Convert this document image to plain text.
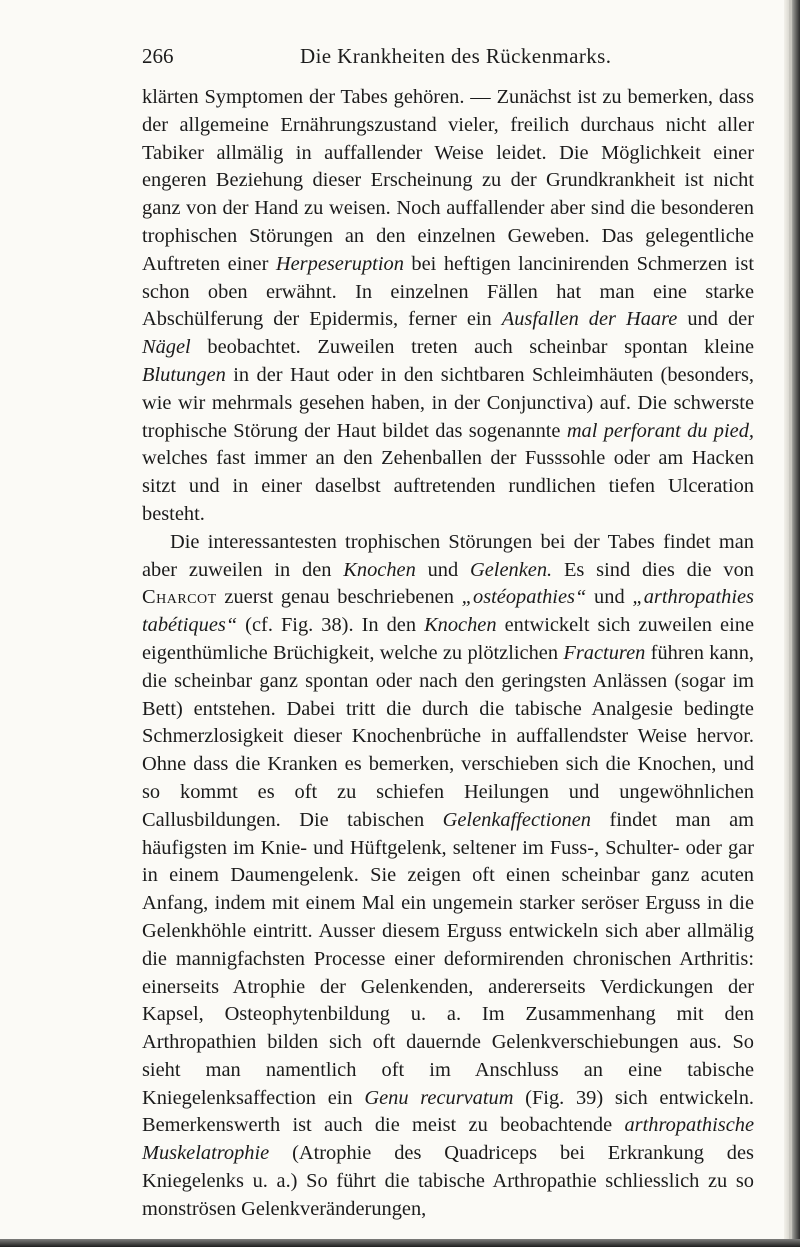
266	Die Krankheiten des Rückenmarks.

klärten Symptomen der Tabes gehören. — Zunächst ist zu bemerken, dass der allgemeine Ernährungszustand vieler, freilich durchaus nicht aller Tabiker allmälig in auffallender Weise leidet. Die Möglichkeit einer engeren Beziehung dieser Erscheinung zu der Grundkrankheit ist nicht ganz von der Hand zu weisen. Noch auffallender aber sind die besonderen trophischen Störungen an den einzelnen Geweben. Das gelegentliche Auftreten einer Herpeseruption bei heftigen lancinirenden Schmerzen ist schon oben erwähnt. In einzelnen Fällen hat man eine starke Abschülferung der Epidermis, ferner ein Ausfallen der Haare und der Nägel beobachtet. Zuweilen treten auch scheinbar spontan kleine Blutungen in der Haut oder in den sichtbaren Schleimhäuten (besonders, wie wir mehrmals gesehen haben, in der Conjunctiva) auf. Die schwerste trophische Störung der Haut bildet das sogenannte mal perforant du pied, welches fast immer an den Zehenballen der Fusssohle oder am Hacken sitzt und in einer daselbst auftretenden rundlichen tiefen Ulceration besteht.

Die interessantesten trophischen Störungen bei der Tabes findet man aber zuweilen in den Knochen und Gelenken. Es sind dies die von Charcot zuerst genau beschriebenen „ostéopathies“ und „arthropathies tabétiques“ (cf. Fig. 38). In den Knochen entwickelt sich zuweilen eine eigenthümliche Brüchigkeit, welche zu plötzlichen Fracturen führen kann, die scheinbar ganz spontan oder nach den geringsten Anlässen (sogar im Bett) entstehen. Dabei tritt die durch die tabische Analgesie bedingte Schmerzlosigkeit dieser Knochenbrüche in auffallendster Weise hervor. Ohne dass die Kranken es bemerken, verschieben sich die Knochen, und so kommt es oft zu schiefen Heilungen und ungewöhnlichen Callusbildungen. Die tabischen Gelenkaffectionen findet man am häufigsten im Knie- und Hüftgelenk, seltener im Fuss-, Schulter- oder gar in einem Daumengelenk. Sie zeigen oft einen scheinbar ganz acuten Anfang, indem mit einem Mal ein ungemein starker seröser Erguss in die Gelenkhöhle eintritt. Ausser diesem Erguss entwickeln sich aber allmälig die mannigfachsten Processe einer deformirenden chronischen Arthritis: einerseits Atrophie der Gelenkenden, andererseits Verdickungen der Kapsel, Osteophytenbildung u. a. Im Zusammenhang mit den Arthropathien bilden sich oft dauernde Gelenkverschiebungen aus. So sieht man namentlich oft im Anschluss an eine tabische Kniegelenksaffection ein Genu recurvatum (Fig. 39) sich entwickeln. Bemerkenswerth ist auch die meist zu beobachtende arthropathische Muskelatrophie (Atrophie des Quadriceps bei Erkrankung des Kniegelenks u. a.) So führt die tabische Arthropathie schliesslich zu so monströsen Gelenkveränderungen,
